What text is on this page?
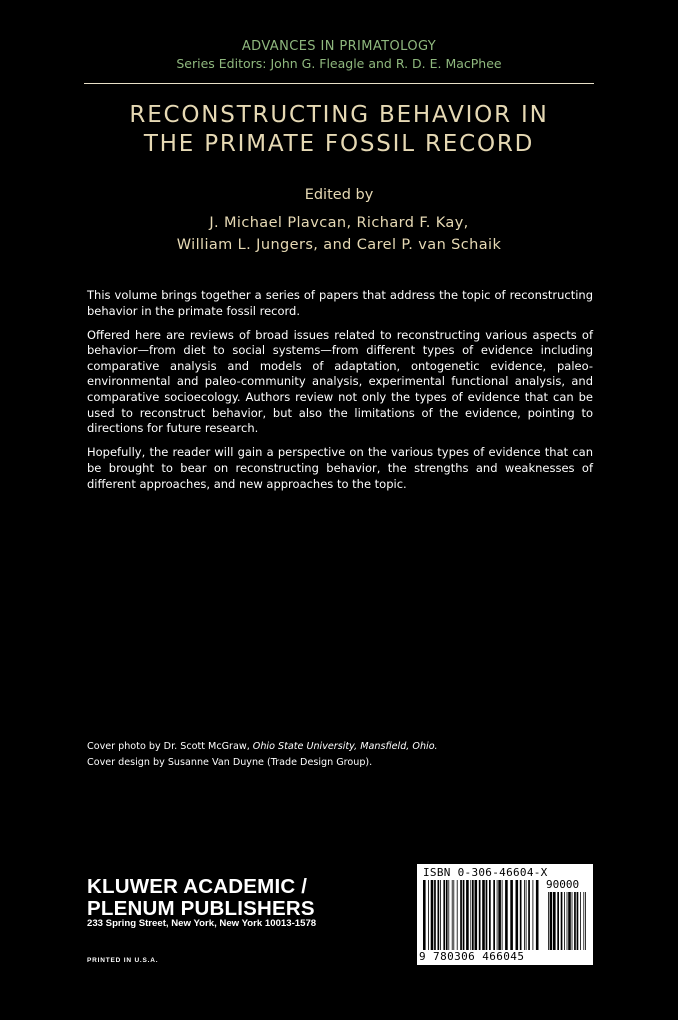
ADVANCES IN PRIMATOLOGY
Series Editors: John G. Fleagle and R. D. E. MacPhee
RECONSTRUCTING BEHAVIOR IN
THE PRIMATE FOSSIL RECORD
Edited by
J. Michael Plavcan, Richard F. Kay,
William L. Jungers, and Carel P. van Schaik

This volume brings together a series of papers that address the topic of reconstructing behavior in the primate fossil record.

Offered here are reviews of broad issues related to reconstructing various aspects of behavior—from diet to social systems—from different types of evidence including comparative analysis and models of adaptation, ontogenetic evidence, paleo-environmental and paleo-community analysis, experimental functional analysis, and comparative socioecology. Authors review not only the types of evidence that can be used to reconstruct behavior, but also the limitations of the evidence, pointing to directions for future research.

Hopefully, the reader will gain a perspective on the various types of evidence that can be brought to bear on reconstructing behavior, the strengths and weaknesses of different approaches, and new approaches to the topic.

Cover photo by Dr. Scott McGraw, Ohio State University, Mansfield, Ohio.
Cover design by Susanne Van Duyne (Trade Design Group).
KLUWER ACADEMIC /
PLENUM PUBLISHERS
233 Spring Street, New York, New York 10013-1578
PRINTED IN U.S.A.
ISBN 0-306-46604-X
90000
9 780306 466045
